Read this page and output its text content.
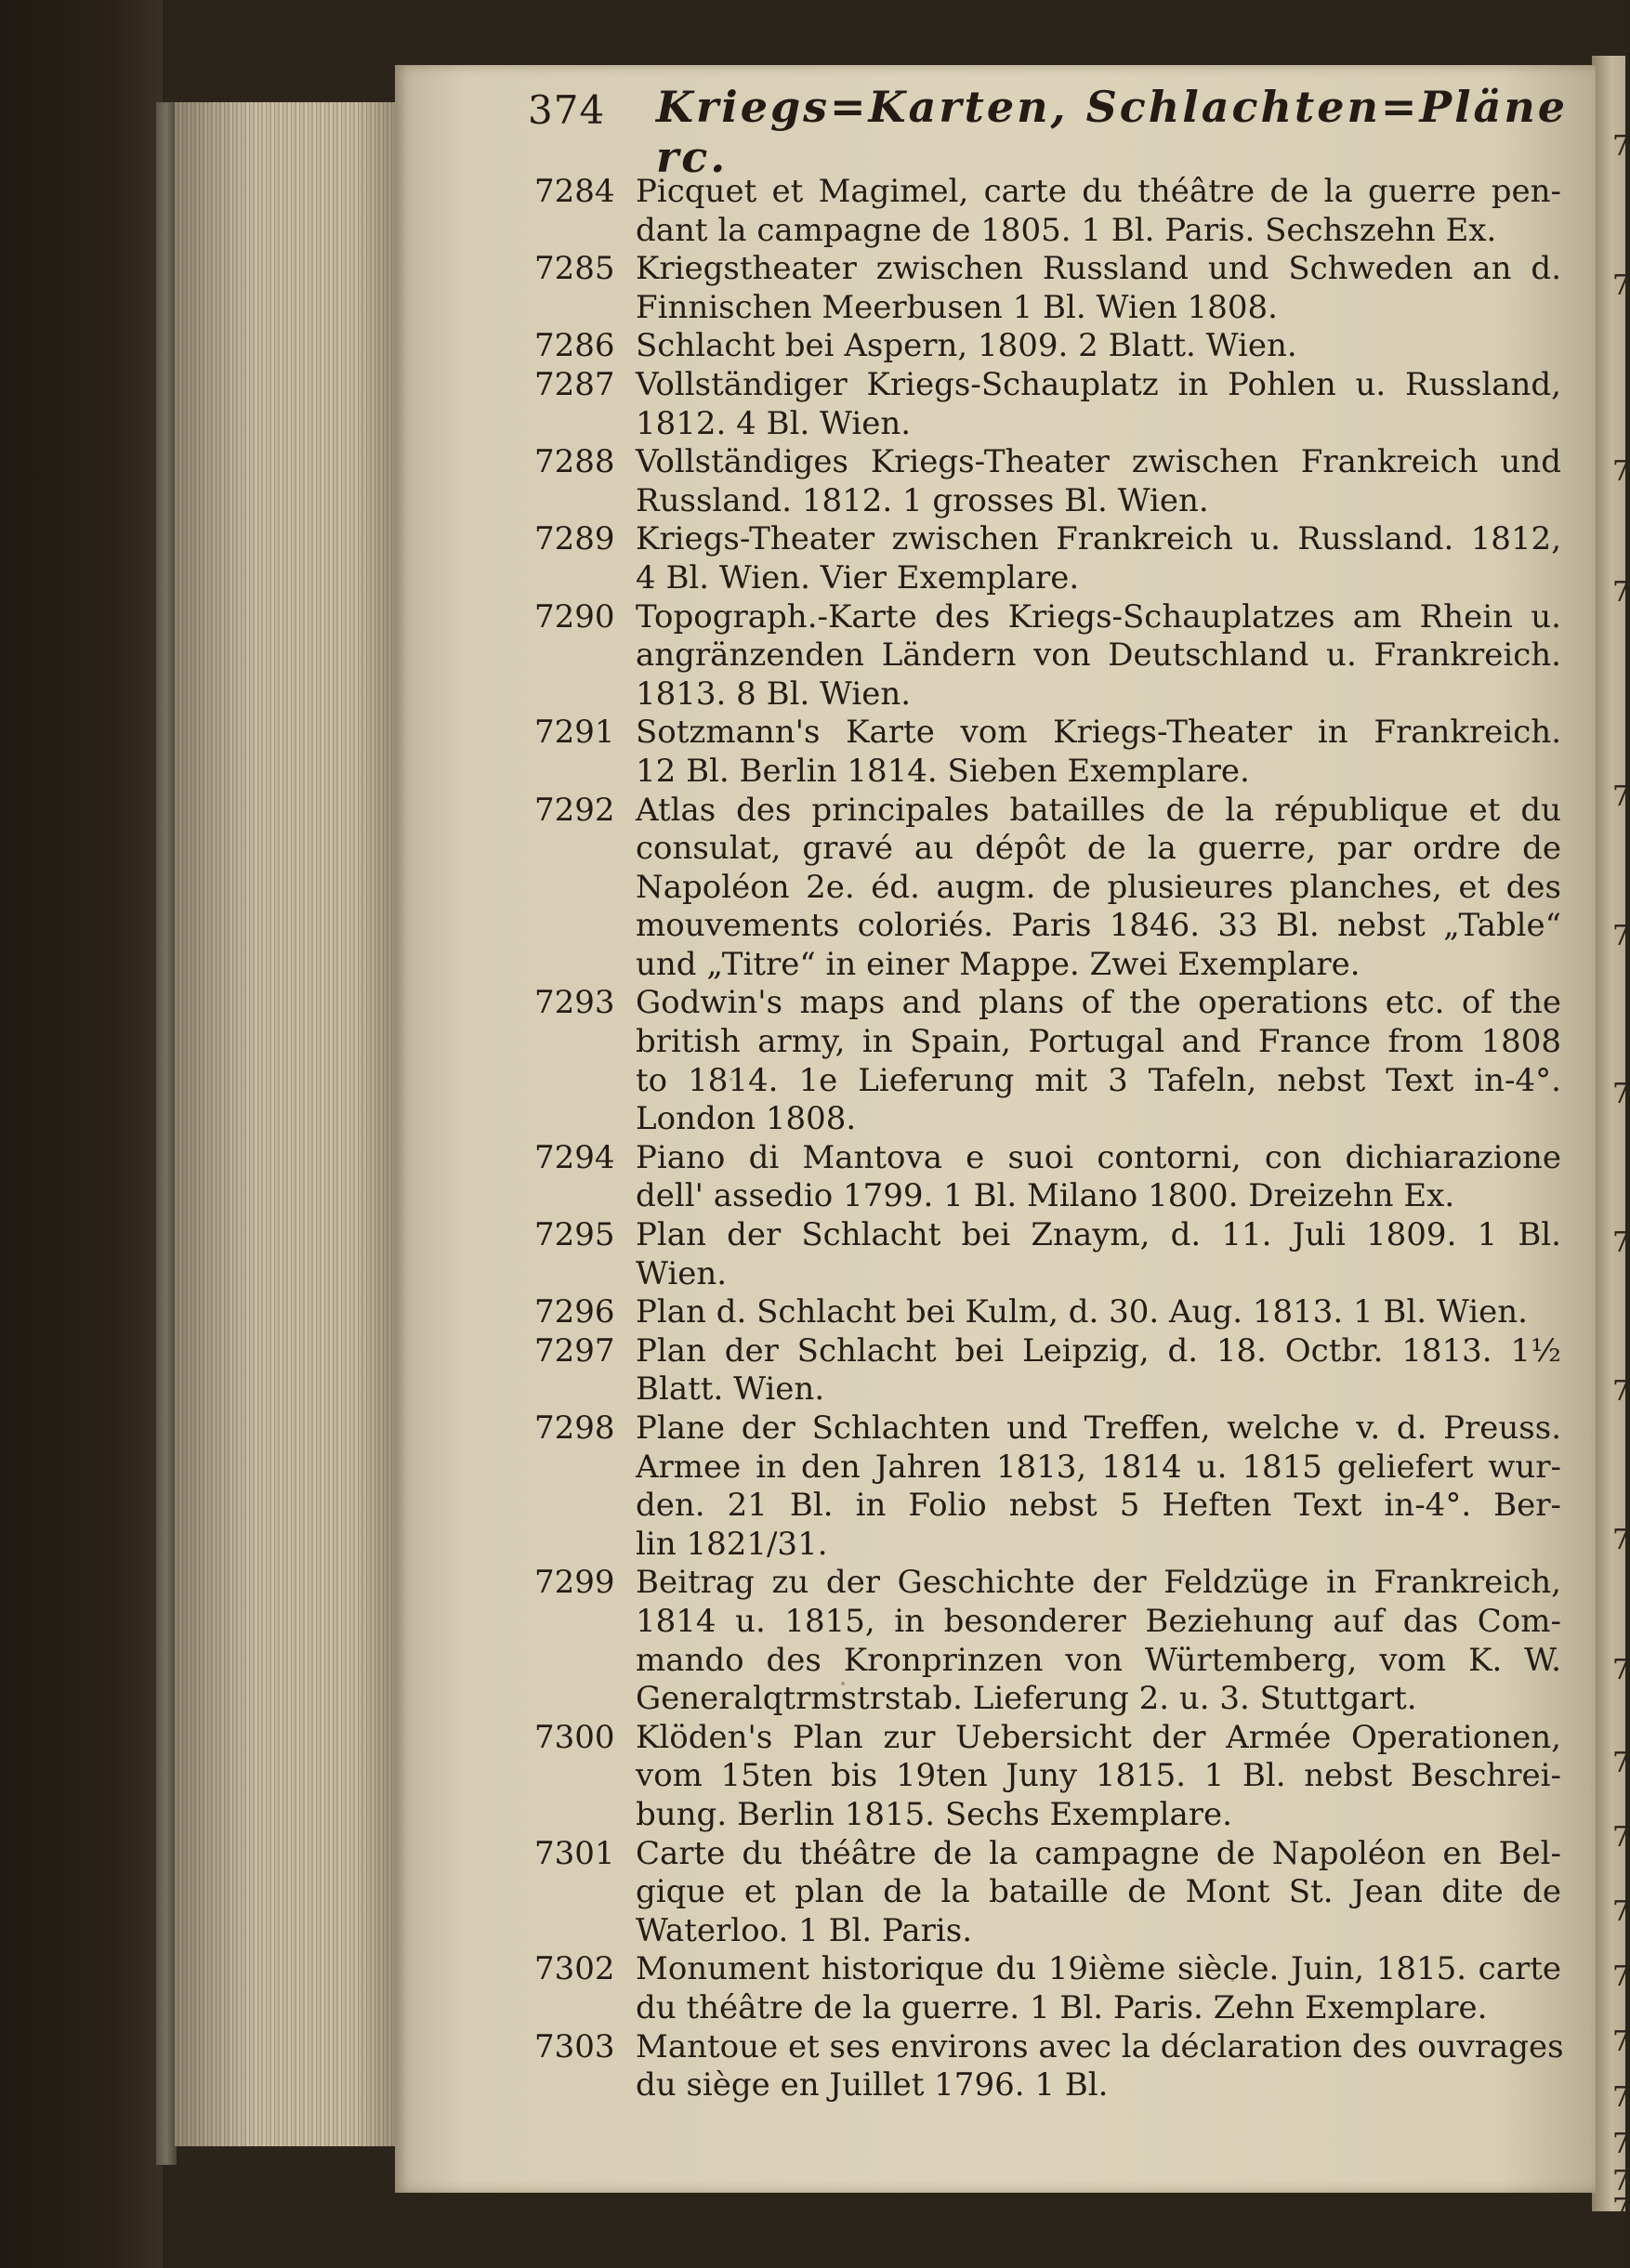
7
7
7
7
7
7
7
7
7
7
7
7
7
7
7
7
7
7
7
7
374 Kriegs=Karten, Schlachten=Pläne rc.
7284 Picquet et Magimel, carte du théâtre de la guerre pen-
dant la campagne de 1805. 1 Bl. Paris. Sechszehn Ex.
7285 Kriegstheater zwischen Russland und Schweden an d.
Finnischen Meerbusen 1 Bl. Wien 1808.
7286 Schlacht bei Aspern, 1809. 2 Blatt. Wien.
7287 Vollständiger Kriegs-Schauplatz in Pohlen u. Russland,
1812. 4 Bl. Wien.
7288 Vollständiges Kriegs-Theater zwischen Frankreich und
Russland. 1812. 1 grosses Bl. Wien.
7289 Kriegs-Theater zwischen Frankreich u. Russland. 1812,
4 Bl. Wien. Vier Exemplare.
7290 Topograph.-Karte des Kriegs-Schauplatzes am Rhein u.
angränzenden Ländern von Deutschland u. Frankreich.
1813. 8 Bl. Wien.
7291 Sotzmann's Karte vom Kriegs-Theater in Frankreich.
12 Bl. Berlin 1814. Sieben Exemplare.
7292 Atlas des principales batailles de la république et du
consulat, gravé au dépôt de la guerre, par ordre de
Napoléon 2e. éd. augm. de plusieures planches, et des
mouvements coloriés. Paris 1846. 33 Bl. nebst „Table“
und „Titre“ in einer Mappe. Zwei Exemplare.
7293 Godwin's maps and plans of the operations etc. of the
british army, in Spain, Portugal and France from 1808
to 1814. 1e Lieferung mit 3 Tafeln, nebst Text in-4°.
London 1808.
7294 Piano di Mantova e suoi contorni, con dichiarazione
dell' assedio 1799. 1 Bl. Milano 1800. Dreizehn Ex.
7295 Plan der Schlacht bei Znaym, d. 11. Juli 1809. 1 Bl.
Wien.
7296 Plan d. Schlacht bei Kulm, d. 30. Aug. 1813. 1 Bl. Wien.
7297 Plan der Schlacht bei Leipzig, d. 18. Octbr. 1813. 1½
Blatt. Wien.
7298 Plane der Schlachten und Treffen, welche v. d. Preuss.
Armee in den Jahren 1813, 1814 u. 1815 geliefert wur-
den. 21 Bl. in Folio nebst 5 Heften Text in-4°. Ber-
lin 1821/31.
7299 Beitrag zu der Geschichte der Feldzüge in Frankreich,
1814 u. 1815, in besonderer Beziehung auf das Com-
mando des Kronprinzen von Würtemberg, vom K. W.
Generalqtrmstrstab. Lieferung 2. u. 3. Stuttgart.
7300 Klöden's Plan zur Uebersicht der Armée Operationen,
vom 15ten bis 19ten Juny 1815. 1 Bl. nebst Beschrei-
bung. Berlin 1815. Sechs Exemplare.
7301 Carte du théâtre de la campagne de Napoléon en Bel-
gique et plan de la bataille de Mont St. Jean dite de
Waterloo. 1 Bl. Paris.
7302 Monument historique du 19ième siècle. Juin, 1815. carte
du théâtre de la guerre. 1 Bl. Paris. Zehn Exemplare.
7303 Mantoue et ses environs avec la déclaration des ouvrages
du siège en Juillet 1796. 1 Bl.
